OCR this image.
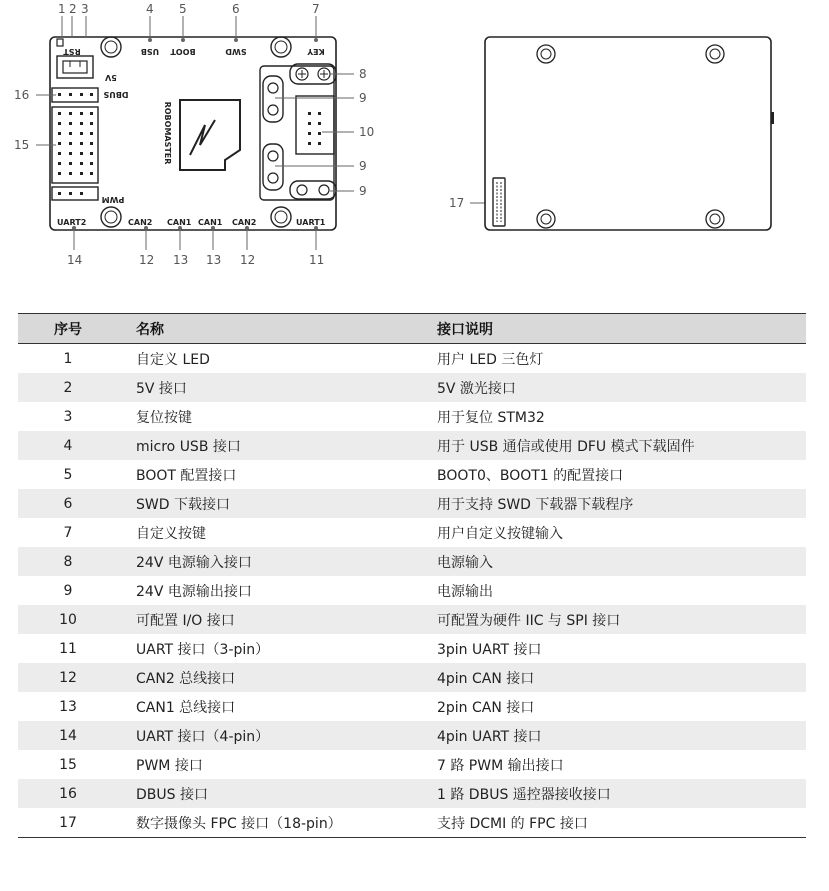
RST	USB BOOT	SWD	KEY
5V
DBUS
PWM
ROBOMASTER
UART2	CAN2 CAN1 CAN1 CAN2	UART1
1 2 3	4 5	6	7
16
15
8
9
10
9
9
14	12 13 13 12	11
17
序号	名称	接口说明
1	自定义 LED	用户 LED 三色灯
2	5V 接口	5V 激光接口
3	复位按键	用于复位 STM32
4	micro USB 接口	用于 USB 通信或使用 DFU 模式下载固件
5	BOOT 配置接口	BOOT0、BOOT1 的配置接口
6	SWD 下载接口	用于支持 SWD 下载器下载程序
7	自定义按键	用户自定义按键输入
8	24V 电源输入接口	电源输入
9	24V 电源输出接口	电源输出
10	可配置 I/O 接口	可配置为硬件 IIC 与 SPI 接口
11	UART 接口（3-pin）	3pin UART 接口
12	CAN2 总线接口	4pin CAN 接口
13	CAN1 总线接口	2pin CAN 接口
14	UART 接口（4-pin）	4pin UART 接口
15	PWM 接口	7 路 PWM 输出接口
16	DBUS 接口	1 路 DBUS 遥控器接收接口
17	数字摄像头 FPC 接口（18-pin）	支持 DCMI 的 FPC 接口
